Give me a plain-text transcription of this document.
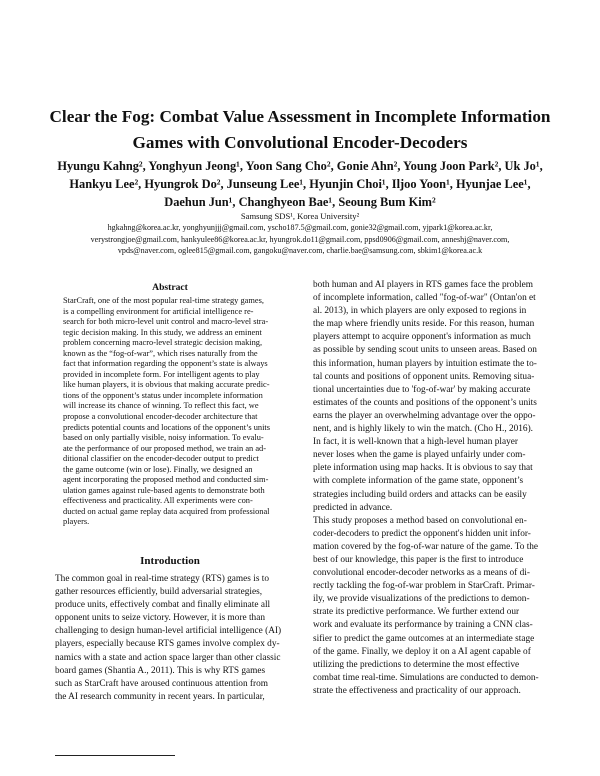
Clear the Fog: Combat Value Assessment in Incomplete Information
Games with Convolutional Encoder-Decoders
Hyungu Kahng², Yonghyun Jeong¹, Yoon Sang Cho², Gonie Ahn², Young Joon Park², Uk Jo¹,
Hankyu Lee², Hyungrok Do², Junseung Lee¹, Hyunjin Choi¹, Iljoo Yoon¹, Hyunjae Lee¹,
Daehun Jun¹, Changhyeon Bae¹, Seoung Bum Kim²
Samsung SDS¹, Korea University²
hgkahng@korea.ac.kr, yonghyunjjj@gmail.com, yscho187.5@gmail.com, gonie32@gmail.com, yjpark1@korea.ac.kr,
verystrongjoe@gmail.com, hankyulee86@korea.ac.kr, hyungrok.do11@gmail.com, ppsd0906@gmail.com, anneshj@naver.com,
vpds@naver.com, oglee815@gmail.com, gangoku@naver.com, charlie.bae@samsung.com, sbkim1@korea.ac.k
Abstract
StarCraft, one of the most popular real-time strategy games,
is a compelling environment for artificial intelligence re-
search for both micro-level unit control and macro-level stra-
tegic decision making. In this study, we address an eminent
problem concerning macro-level strategic decision making,
known as the “fog-of-war”, which rises naturally from the
fact that information regarding the opponent’s state is always
provided in incomplete form. For intelligent agents to play
like human players, it is obvious that making accurate predic-
tions of the opponent’s status under incomplete information
will increase its chance of winning. To reflect this fact, we
propose a convolutional encoder-decoder architecture that
predicts potential counts and locations of the opponent’s units
based on only partially visible, noisy information. To evalu-
ate the performance of our proposed method, we train an ad-
ditional classifier on the encoder-decoder output to predict
the game outcome (win or lose). Finally, we designed an
agent incorporating the proposed method and conducted sim-
ulation games against rule-based agents to demonstrate both
effectiveness and practicality. All experiments were con-
ducted on actual game replay data acquired from professional
players.
Introduction
The common goal in real-time strategy (RTS) games is to
gather resources efficiently, build adversarial strategies,
produce units, effectively combat and finally eliminate all
opponent units to seize victory. However, it is more than
challenging to design human-level artificial intelligence (AI)
players, especially because RTS games involve complex dy-
namics with a state and action space larger than other classic
board games (Shantia A., 2011). This is why RTS games
such as StarCraft have aroused continuous attention from
the AI research community in recent years. In particular,
both human and AI players in RTS games face the problem
of incomplete information, called "fog-of-war" (Ontan'on et
al. 2013), in which players are only exposed to regions in
the map where friendly units reside. For this reason, human
players attempt to acquire opponent's information as much
as possible by sending scout units to unseen areas. Based on
this information, human players by intuition estimate the to-
tal counts and positions of opponent units. Removing situa-
tional uncertainties due to 'fog-of-war' by making accurate
estimates of the counts and positions of the opponent’s units
earns the player an overwhelming advantage over the oppo-
nent, and is highly likely to win the match. (Cho H., 2016).
In fact, it is well-known that a high-level human player
never loses when the game is played unfairly under com-
plete information using map hacks. It is obvious to say that
with complete information of the game state, opponent’s
strategies including build orders and attacks can be easily
predicted in advance.
This study proposes a method based on convolutional en-
coder-decoders to predict the opponent's hidden unit infor-
mation covered by the fog-of-war nature of the game. To the
best of our knowledge, this paper is the first to introduce
convolutional encoder-decoder networks as a means of di-
rectly tackling the fog-of-war problem in StarCraft. Primar-
ily, we provide visualizations of the predictions to demon-
strate its predictive performance. We further extend our
work and evaluate its performance by training a CNN clas-
sifier to predict the game outcomes at an intermediate stage
of the game. Finally, we deploy it on a AI agent capable of
utilizing the predictions to determine the most effective
combat time real-time. Simulations are conducted to demon-
strate the effectiveness and practicality of our approach.
